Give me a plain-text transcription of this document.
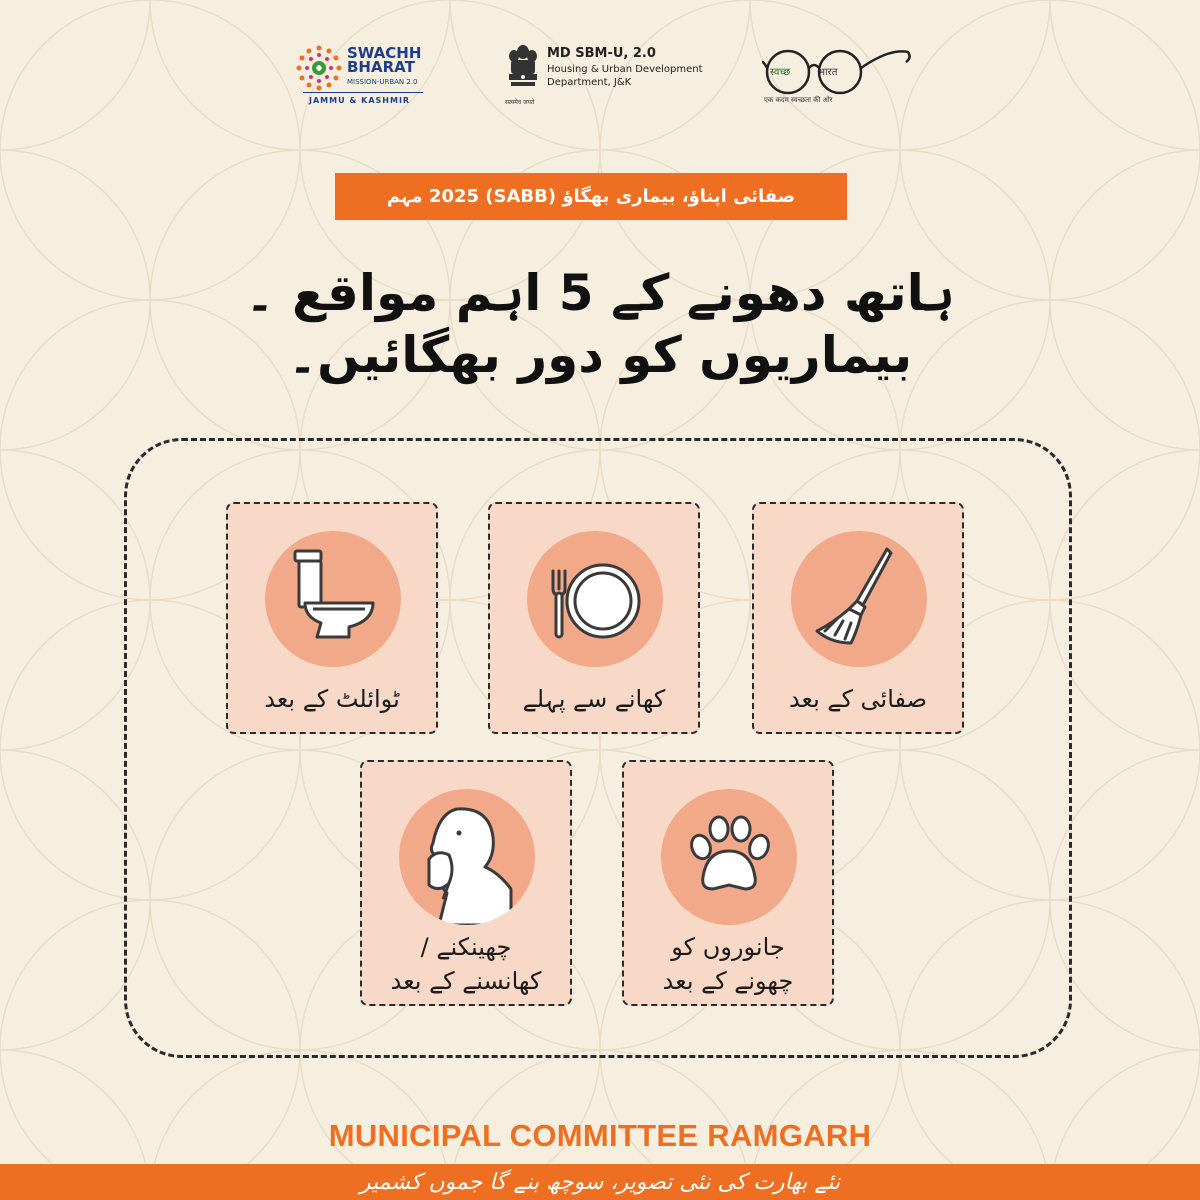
SWACHH
BHARAT
MISSION-URBAN 2.0
JAMMU & KASHMIR
MD SBM-U, 2.0
Housing & Urban Development
Department, J&K
सत्यमेव जयते
स्वच्छ	भारत
एक कदम स्वच्छता की ओर
صفائی اپناؤ، بیماری بھگاؤ (SABB) 2025 مہم
ہاتھ دھونے کے 5 اہم مواقع ۔
بیماریوں کو دور بھگائیں۔
صفائی کے بعد
کھانے سے پہلے
ٹوائلٹ کے بعد
جانوروں کو
چھونے کے بعد
چھینکنے /
کھانسنے کے بعد
MUNICIPAL COMMITTEE RAMGARH
نئے بھارت کی نئی تصویر، سوچھ بنے گا جموں کشمیر
